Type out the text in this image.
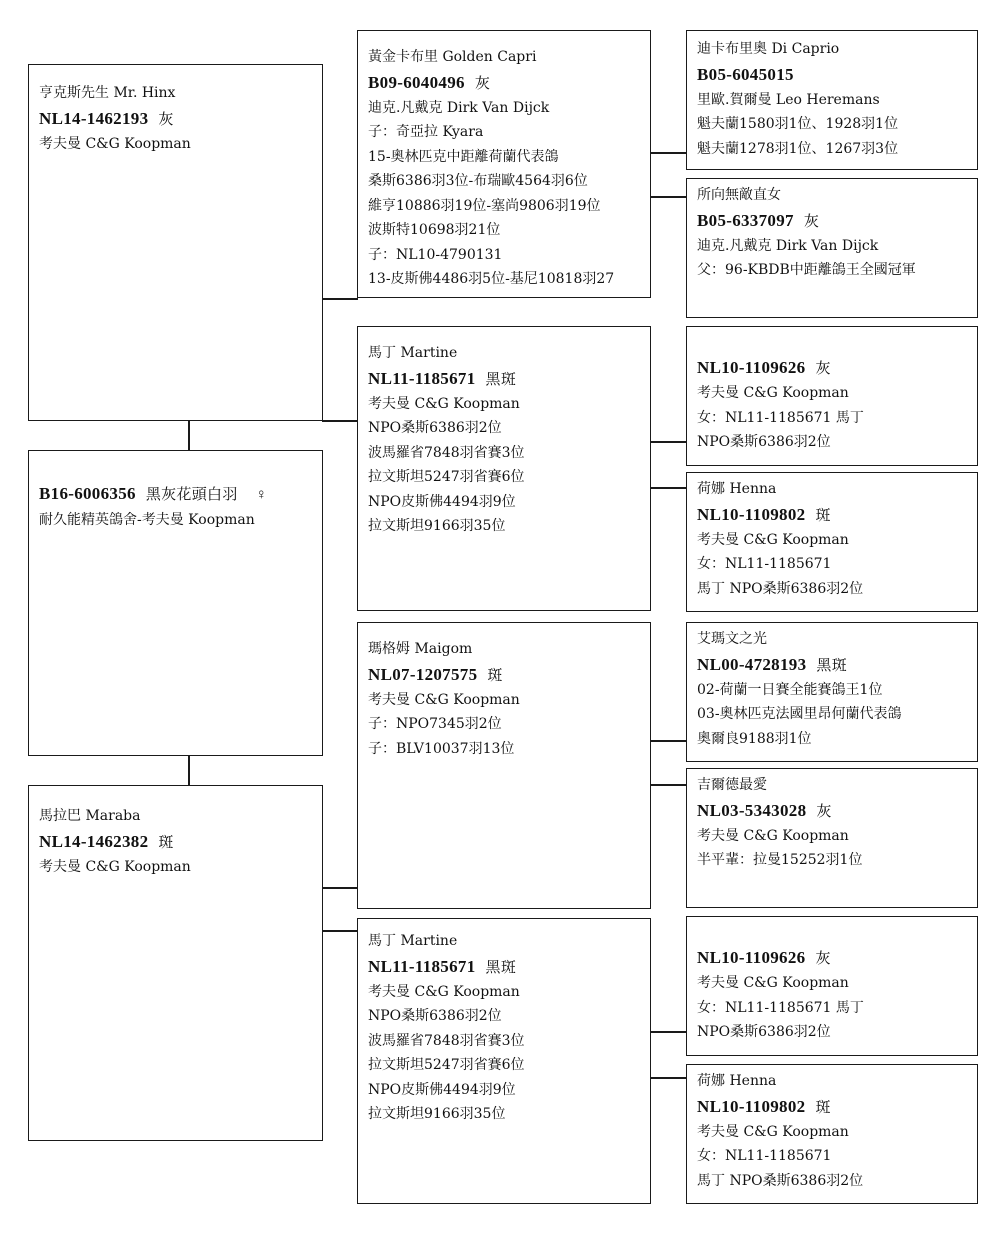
亨克斯先生 Mr. Hinx
NL14-1462193 灰
考夫曼 C&G Koopman
B16-6006356 黑灰花頭白羽 ♀
耐久能精英鴿舍-考夫曼 Koopman
馬拉巴 Maraba
NL14-1462382 斑
考夫曼 C&G Koopman
黃金卡布里 Golden Capri
B09-6040496 灰
迪克.凡戴克 Dirk Van Dijck
子：奇亞拉 Kyara
15-奧林匹克中距離荷蘭代表鴿
桑斯6386羽3位-布瑞歐4564羽6位
維亨10886羽19位-塞尚9806羽19位
波斯特10698羽21位
子：NL10-4790131
13-皮斯佛4486羽5位-基尼10818羽27
馬丁 Martine
NL11-1185671 黑斑
考夫曼 C&G Koopman
NPO桑斯6386羽2位
波馬羅省7848羽省賽3位
拉文斯坦5247羽省賽6位
NPO皮斯佛4494羽9位
拉文斯坦9166羽35位
瑪格姆 Maigom
NL07-1207575 斑
考夫曼 C&G Koopman
子：NPO7345羽2位
子：BLV10037羽13位
馬丁 Martine
NL11-1185671 黑斑
考夫曼 C&G Koopman
NPO桑斯6386羽2位
波馬羅省7848羽省賽3位
拉文斯坦5247羽省賽6位
NPO皮斯佛4494羽9位
拉文斯坦9166羽35位
迪卡布里奧 Di Caprio
B05-6045015
里歐.賀爾曼 Leo Heremans
魁夫蘭1580羽1位、1928羽1位
魁夫蘭1278羽1位、1267羽3位
所向無敵直女
B05-6337097 灰
迪克.凡戴克 Dirk Van Dijck
父：96-KBDB中距離鴿王全國冠軍
NL10-1109626 灰
考夫曼 C&G Koopman
女：NL11-1185671 馬丁
NPO桑斯6386羽2位
荷娜 Henna
NL10-1109802 斑
考夫曼 C&G Koopman
女：NL11-1185671
馬丁 NPO桑斯6386羽2位
艾瑪文之光
NL00-4728193 黑斑
02-荷蘭一日賽全能賽鴿王1位
03-奧林匹克法國里昂何蘭代表鴿
奧爾良9188羽1位
吉爾德最愛
NL03-5343028 灰
考夫曼 C&G Koopman
半平輩：拉曼15252羽1位
NL10-1109626 灰
考夫曼 C&G Koopman
女：NL11-1185671 馬丁
NPO桑斯6386羽2位
荷娜 Henna
NL10-1109802 斑
考夫曼 C&G Koopman
女：NL11-1185671
馬丁 NPO桑斯6386羽2位
